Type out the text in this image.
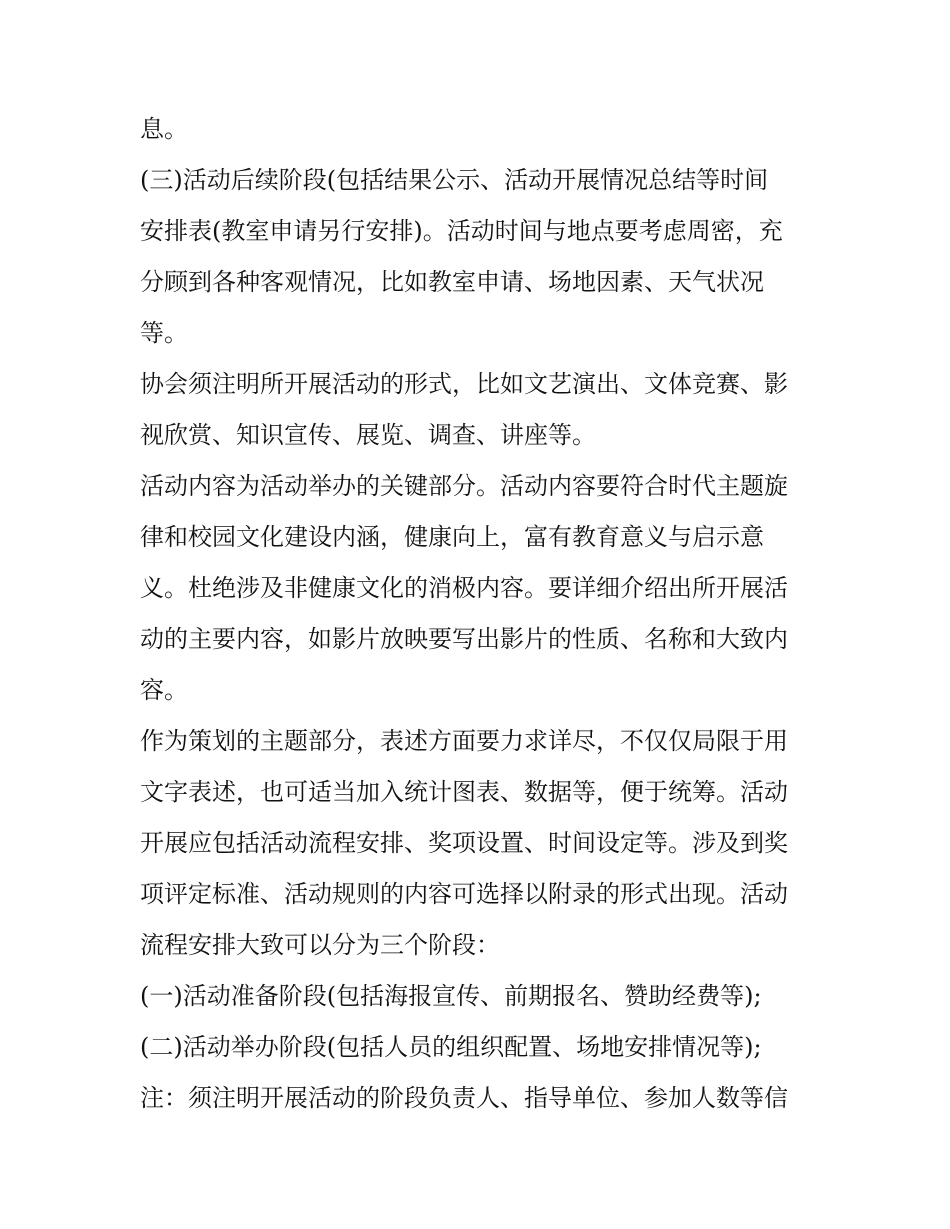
息。
(三)活动后续阶段(包括结果公示、活动开展情况总结等时间
安排表(教室申请另行安排)。活动时间与地点要考虑周密，充
分顾到各种客观情况，比如教室申请、场地因素、天气状况
等。
协会须注明所开展活动的形式，比如文艺演出、文体竞赛、影
视欣赏、知识宣传、展览、调查、讲座等。
活动内容为活动举办的关键部分。活动内容要符合时代主题旋
律和校园文化建设内涵，健康向上，富有教育意义与启示意
义。杜绝涉及非健康文化的消极内容。要详细介绍出所开展活
动的主要内容，如影片放映要写出影片的性质、名称和大致内
容。
作为策划的主题部分，表述方面要力求详尽，不仅仅局限于用
文字表述，也可适当加入统计图表、数据等，便于统筹。活动
开展应包括活动流程安排、奖项设置、时间设定等。涉及到奖
项评定标准、活动规则的内容可选择以附录的形式出现。活动
流程安排大致可以分为三个阶段：
(一)活动准备阶段(包括海报宣传、前期报名、赞助经费等);
(二)活动举办阶段(包括人员的组织配置、场地安排情况等);
注：须注明开展活动的阶段负责人、指导单位、参加人数等信
